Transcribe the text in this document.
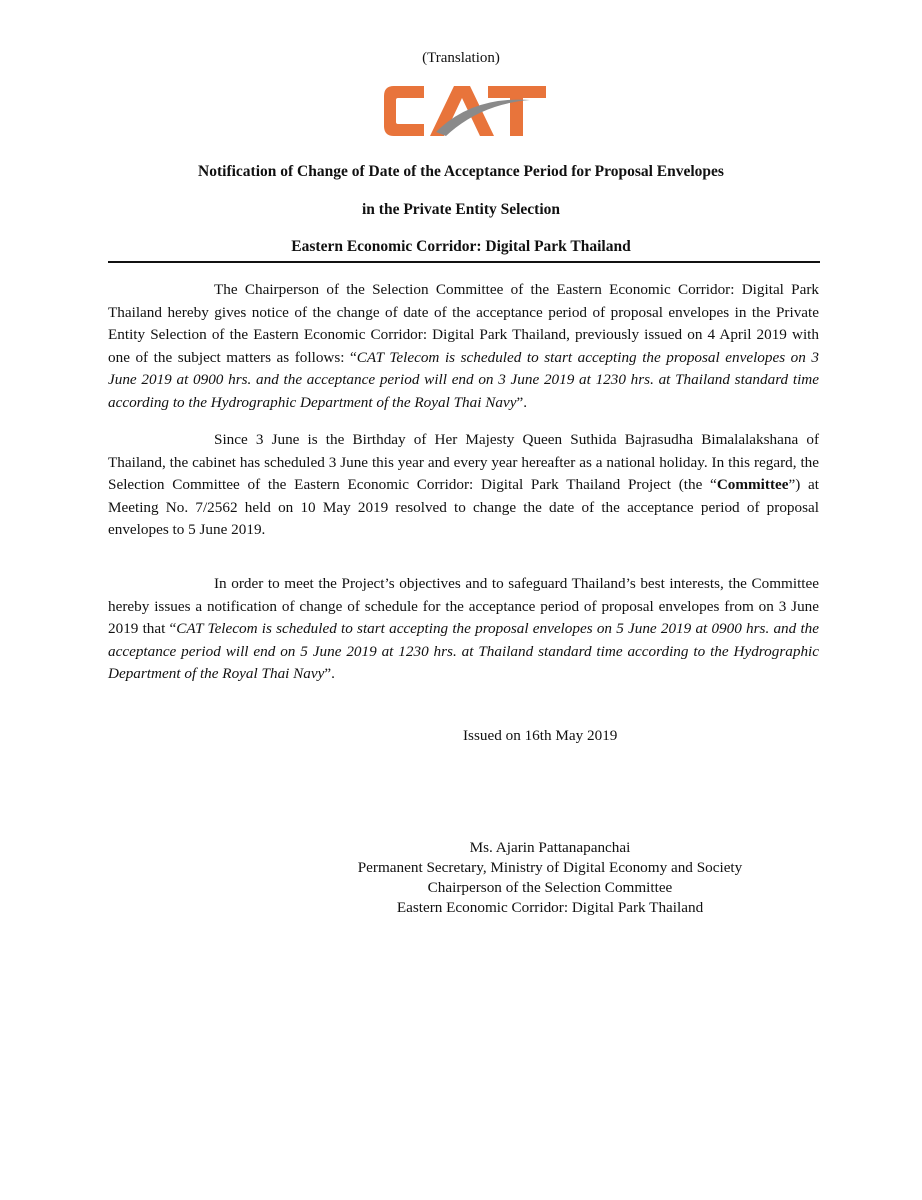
(Translation)
Notification of Change of Date of the Acceptance Period for Proposal Envelopes
in the Private Entity Selection
Eastern Economic Corridor: Digital Park Thailand
The Chairperson of the Selection Committee of the Eastern Economic Corridor: Digital Park Thailand hereby gives notice of the change of date of the acceptance period of proposal envelopes in the Private Entity Selection of the Eastern Economic Corridor: Digital Park Thailand, previously issued on 4 April 2019 with one of the subject matters as follows: “CAT Telecom is scheduled to start accepting the proposal envelopes on 3 June 2019 at 0900 hrs. and the acceptance period will end on 3 June 2019 at 1230 hrs. at Thailand standard time according to the Hydrographic Department of the Royal Thai Navy”.
Since 3 June is the Birthday of Her Majesty Queen Suthida Bajrasudha Bimalalakshana of Thailand, the cabinet has scheduled 3 June this year and every year hereafter as a national holiday. In this regard, the Selection Committee of the Eastern Economic Corridor: Digital Park Thailand Project (the “Committee”) at Meeting No. 7/2562 held on 10 May 2019 resolved to change the date of the acceptance period of proposal envelopes to 5 June 2019.
In order to meet the Project’s objectives and to safeguard Thailand’s best interests, the Committee hereby issues a notification of change of schedule for the acceptance period of proposal envelopes from on 3 June 2019 that “CAT Telecom is scheduled to start accepting the proposal envelopes on 5 June 2019 at 0900 hrs. and the acceptance period will end on 5 June 2019 at 1230 hrs. at Thailand standard time according to the Hydrographic Department of the Royal Thai Navy”.
Issued on 16th May 2019
Ms. Ajarin Pattanapanchai
Permanent Secretary, Ministry of Digital Economy and Society
Chairperson of the Selection Committee
Eastern Economic Corridor: Digital Park Thailand
